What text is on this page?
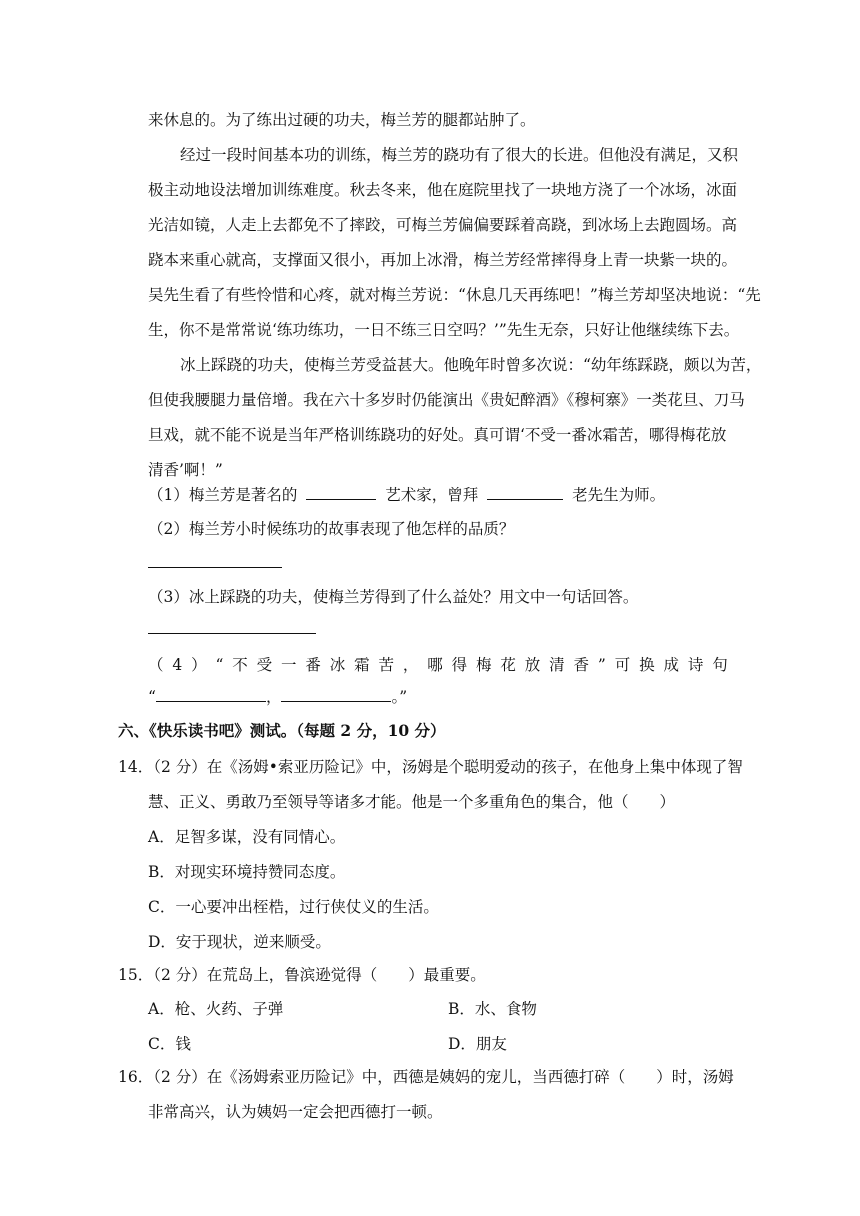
来休息的。为了练出过硬的功夫，梅兰芳的腿都站肿了。
经过一段时间基本功的训练，梅兰芳的跷功有了很大的长进。但他没有满足，又积
极主动地设法增加训练难度。秋去冬来，他在庭院里找了一块地方浇了一个冰场，冰面
光洁如镜，人走上去都免不了摔跤，可梅兰芳偏偏要踩着高跷，到冰场上去跑圆场。高
跷本来重心就高，支撑面又很小，再加上冰滑，梅兰芳经常摔得身上青一块紫一块的。
吴先生看了有些怜惜和心疼，就对梅兰芳说：“休息几天再练吧！”梅兰芳却坚决地说：“先
生，你不是常常说‘练功练功，一日不练三日空吗？’”先生无奈，只好让他继续练下去。
冰上踩跷的功夫，使梅兰芳受益甚大。他晚年时曾多次说：“幼年练踩跷，颇以为苦，
但使我腰腿力量倍增。我在六十多岁时仍能演出《贵妃醉酒》《穆柯寨》一类花旦、刀马
旦戏，就不能不说是当年严格训练跷功的好处。真可谓‘不受一番冰霜苦，哪得梅花放
清香’啊！”
（1）梅兰芳是著名的	艺术家，曾拜	老先生为师。
（2）梅兰芳小时候练功的故事表现了他怎样的品质？
（3）冰上踩跷的功夫，使梅兰芳得到了什么益处？用文中一句话回答。
（ 4 ） “ 不 受 一 番 冰 霜 苦 ， 哪 得 梅 花 放 清 香 ” 可 换 成 诗 句
“	，	。”
六、《快乐读书吧》测试。（每题 2 分，10 分）
14．（2 分）在《汤姆•索亚历险记》中，汤姆是个聪明爱动的孩子，在他身上集中体现了智
慧、正义、勇敢乃至领导等诸多才能。他是一个多重角色的集合，他（　　）
A．足智多谋，没有同情心。
B．对现实环境持赞同态度。
C．一心要冲出桎梏，过行侠仗义的生活。
D．安于现状，逆来顺受。
15．（2 分）在荒岛上，鲁滨逊觉得（　　）最重要。
A．枪、火药、子弹	B．水、食物
C．钱	D．朋友
16．（2 分）在《汤姆索亚历险记》中，西德是姨妈的宠儿，当西德打碎（　　）时，汤姆
非常高兴，认为姨妈一定会把西德打一顿。
